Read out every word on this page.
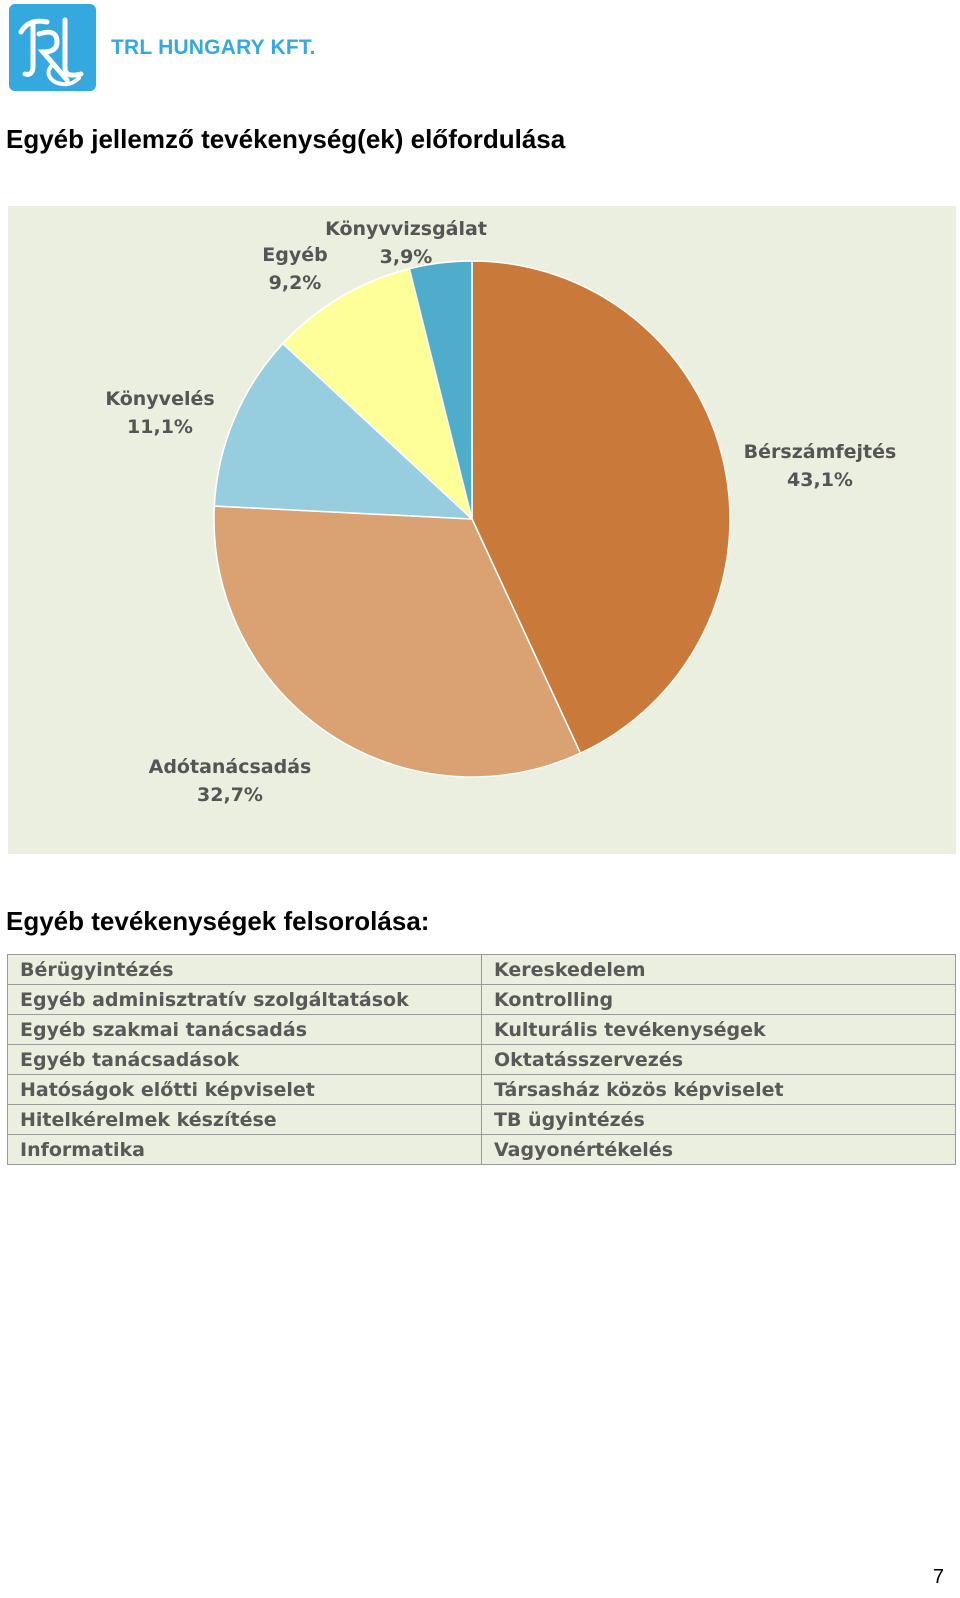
TRL HUNGARY KFT.
Egyéb jellemző tevékenység(ek) előfordulása
Bérszámfejtés
43,1%
Adótanácsadás
32,7%
Könyvelés
11,1%
Egyéb
9,2%
Könyvvizsgálat
3,9%
Egyéb tevékenységek felsorolása:
Bérügyintézés	Kereskedelem
Egyéb adminisztratív szolgáltatások	Kontrolling
Egyéb szakmai tanácsadás	Kulturális tevékenységek
Egyéb tanácsadások	Oktatásszervezés
Hatóságok előtti képviselet	Társasház közös képviselet
Hitelkérelmek készítése	TB ügyintézés
Informatika	Vagyonértékelés
7
